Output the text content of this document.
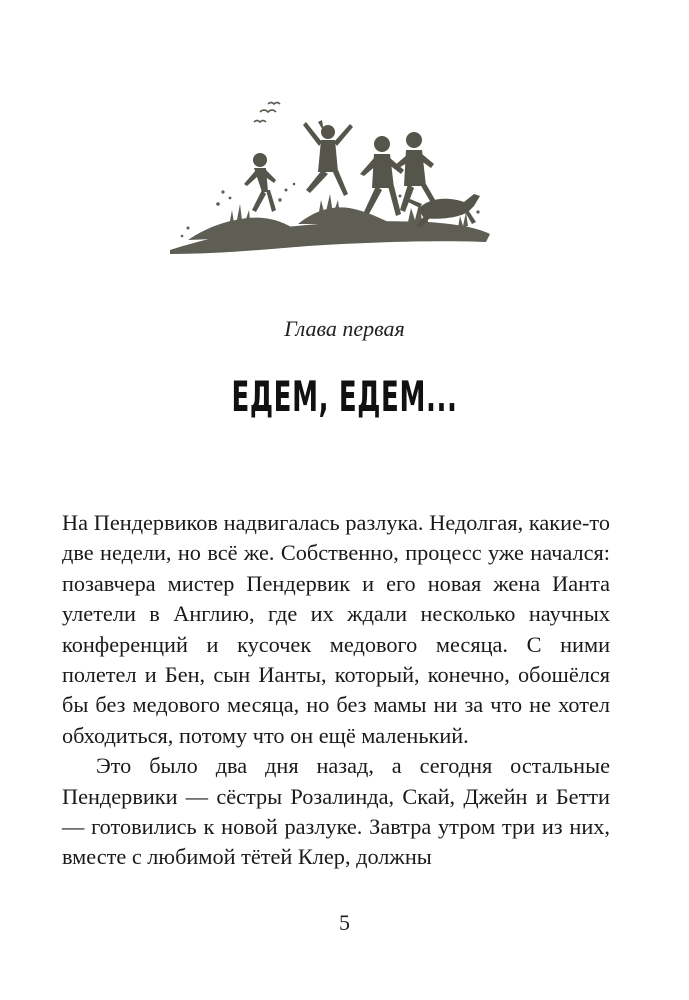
Глава первая
ЕДЕМ, ЕДЕМ...

На Пендервиков надвигалась разлука. Недолгая, какие-то две недели, но всё же. Собственно, процесс уже начался: позавчера мистер Пендервик и его новая жена Ианта улетели в Англию, где их ждали несколько научных конференций и кусочек медового месяца. С ними полетел и Бен, сын Ианты, который, конечно, обошёлся бы без медового месяца, но без мамы ни за что не хотел обходиться, потому что он ещё маленький.

Это было два дня назад, а сегодня остальные Пендервики — сёстры Розалинда, Скай, Джейн и Бетти — готовились к новой разлуке. Завтра утром три из них, вместе с любимой тётей Клер, должны

5
